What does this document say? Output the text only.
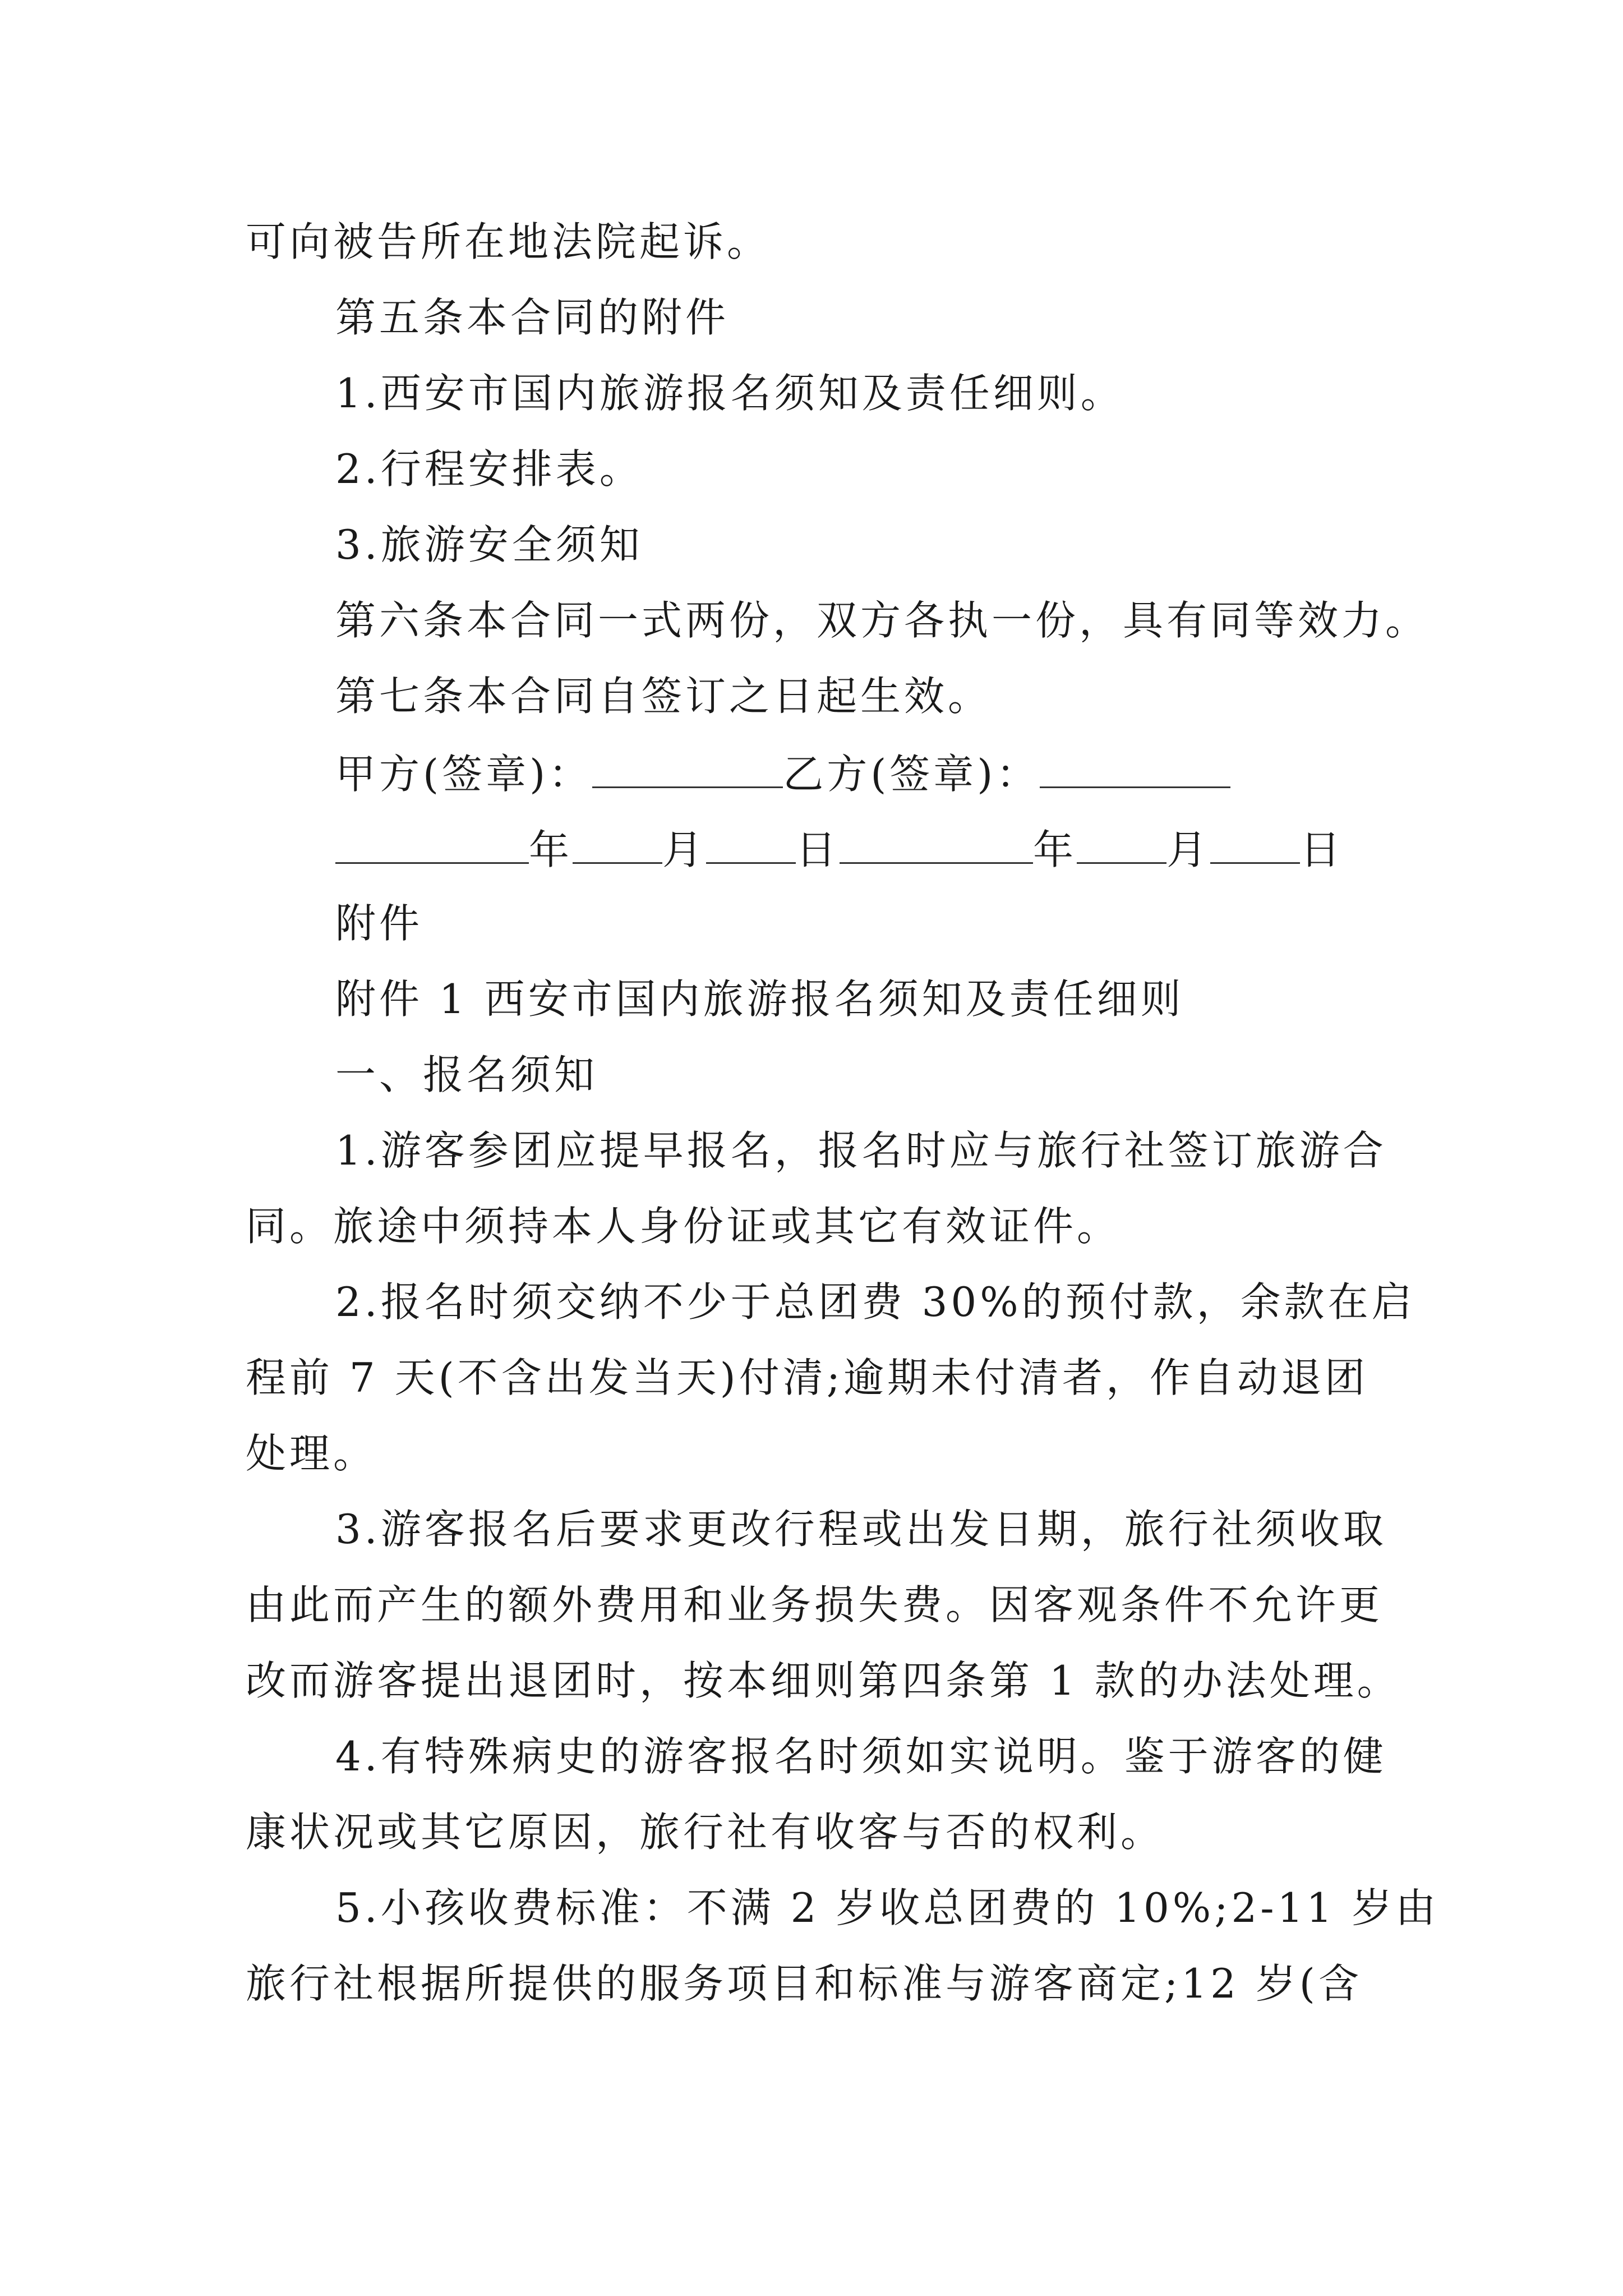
可向被告所在地法院起诉。
第五条本合同的附件
1.西安市国内旅游报名须知及责任细则。
2.行程安排表。
3.旅游安全须知
第六条本合同一式两份，双方各执一份，具有同等效力。
第七条本合同自签订之日起生效。
甲方(签章)：	乙方(签章)：
年 月 日	年 月 日
附件
附件 1 西安市国内旅游报名须知及责任细则
一、报名须知
1.游客参团应提早报名，报名时应与旅行社签订旅游合
同。旅途中须持本人身份证或其它有效证件。
2.报名时须交纳不少于总团费 30%的预付款，余款在启
程前 7 天(不含出发当天)付清;逾期未付清者，作自动退团
处理。
3.游客报名后要求更改行程或出发日期，旅行社须收取
由此而产生的额外费用和业务损失费。因客观条件不允许更
改而游客提出退团时，按本细则第四条第 1 款的办法处理。
4.有特殊病史的游客报名时须如实说明。鉴于游客的健
康状况或其它原因，旅行社有收客与否的权利。
5.小孩收费标准：不满 2 岁收总团费的 10%;2-11 岁由
旅行社根据所提供的服务项目和标准与游客商定;12 岁(含
